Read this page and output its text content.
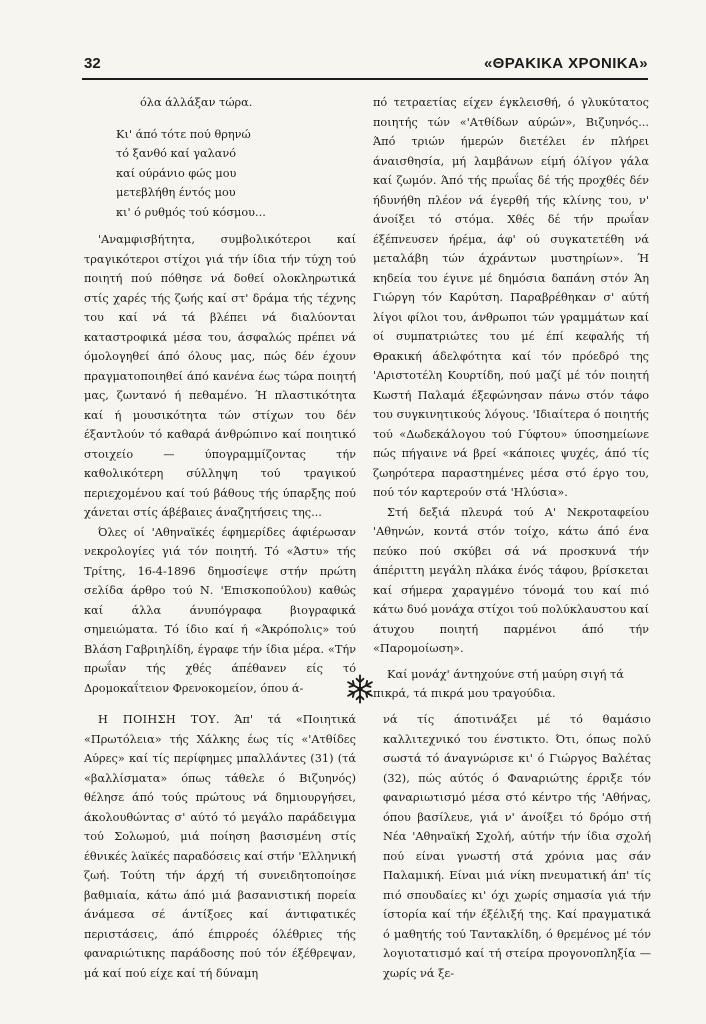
32	«ΘΡΑΚΙΚΑ ΧΡΟΝΙΚΑ»

όλα άλλάξαν τώρα.

Κι' άπό τότε πού θρηνώ
τό ξανθό καί γαλανό
καί ούράνιο φώς μου
μετεβλήθη έντός μου
κι' ό ρυθμός τού κόσμου...

'Αναμφισβήτητα, συμβολικότεροι καί τραγικότεροι στίχοι γιά τήν ίδια τήν τύχη τού ποιητή πού πόθησε νά δοθεί ολοκληρωτικά στίς χαρές τής ζωής καί στ' δράμα τής τέχνης του καί νά τά βλέπει νά διαλύονται καταστροφικά μέσα του, άσφαλώς πρέπει νά όμολογηθεί άπό όλους μας, πώς δέν έχουν πραγματοποιηθεί άπό κανένα έως τώρα ποιητή μας, ζωντανό ή πεθαμένο. Ή πλαστικότητα καί ή μουσικότητα τών στίχων του δέν έξαντλούν τό καθαρά άνθρώπινο καί ποιητικό στοιχείο — ύπογραμμίζοντας τήν καθολικότερη σύλληψη τού τραγικού περιεχομένου καί τού βάθους τής ύπαρξης πού χάνεται στίς άβέβαιες άναζητήσεις της...

Όλες οί 'Αθηναϊκές έφημερίδες άφιέρωσαν νεκρολογίες γιά τόν ποιητή. Τό «Άστυ» τής Τρίτης, 16-4-1896 δημοσίεψε στήν πρώτη σελίδα άρθρο τού Ν. 'Επισκοπούλου) καθώς καί άλλα άνυπόγραφα βιογραφικά σημειώματα. Τό ίδιο καί ή «Άκρόπολις» τού Βλάση Γαβριηλίδη, έγραφε τήν ίδια μέρα. «Τήν πρωΐαν τής χθές άπέθανεν είς τό Δρομοκαΐτειον Φρενοκομείον, όπου ά-

πό τετραετίας είχεν έγκλεισθή, ό γλυκύτατος ποιητής τών «'Ατθίδων αύρών», Βιζυηνός... Άπό τριών ήμερών διετέλει έν πλήρει άναισθησία, μή λαμβάνων είμή όλίγον γάλα καί ζωμόν. Άπό τής πρωΐας δέ τής προχθές δέν ήδυνήθη πλέον νά έγερθή τής κλίνης του, ν' άνοίξει τό στόμα. Χθές δέ τήν πρωΐαν έξέπνευσεν ήρέμα, άφ' ού συγκατετέθη νά μεταλάβη τών άχράντων μυστηρίων». Ή κηδεία του έγινε μέ δημόσια δαπάνη στόν Άη Γιώργη τόν Καρύτση. Παραβρέθηκαν σ' αύτή λίγοι φίλοι του, άνθρωποι τών γραμμάτων καί οί συμπατριώτες του μέ έπί κεφαλής τή Θρακική άδελφότητα καί τόν πρόεδρό της 'Αριστοτέλη Κουρτίδη, πού μαζί μέ τόν ποιητή Κωστή Παλαμά έξεφώνησαν πάνω στόν τάφο του συγκινητικούς λόγους. 'Ιδιαίτερα ό ποιητής τού «Δωδεκάλογου τού Γύφτου» ύποσημείωνε πώς πήγαινε νά βρεί «κάποιες ψυχές, άπό τίς ζωηρότερα παραστημένες μέσα στό έργο του, πού τόν καρτερούν στά 'Ηλύσια».

Στή δεξιά πλευρά τού Α' Νεκροταφείου 'Αθηνών, κοντά στόν τοίχο, κάτω άπό ένα πεύκο πού σκύβει σά νά προσκυνά τήν άπέριττη μεγάλη πλάκα ένός τάφου, βρίσκεται καί σήμερα χαραγμένο τόνομά του καί πιό κάτω δυό μονάχα στίχοι τού πολύκλαυστου καί άτυχου ποιητή παρμένοι άπό τήν «Παρομοίωση».

Καί μονάχ' άντηχούνε στή μαύρη σιγή τά πικρά, τά πικρά μου τραγούδια.

Η ΠΟΙΗΣΗ ΤΟΥ. Άπ' τά «Ποιητικά «Πρωτόλεια» τής Χάλκης έως τίς «'Ατθίδες Αύρες» καί τίς περίφημες μπαλλάντες (31) (τά «βαλλίσματα» όπως τάθελε ό Βιζυηνός) θέλησε άπό τούς πρώτους νά δημιουργήσει, άκολουθώντας σ' αύτό τό μεγάλο παράδειγμα τού Σολωμού, μιά ποίηση βασισμένη στίς έθνικές λαϊκές παραδόσεις καί στήν 'Ελληνική ζωή. Τούτη τήν άρχή τή συνειδητοποίησε βαθμιαία, κάτω άπό μιά βασανιστική πορεία άνάμεσα σέ άντίξοες καί άντιφατικές περιστάσεις, άπό έπιρροές όλέθριες τής φαναριώτικης παράδοσης πού τόν έξέθρεψαν, μά καί πού είχε καί τή δύναμη

νά τίς άποτινάξει μέ τό θαμάσιο καλλιτεχνικό του ένστικτο. Ότι, όπως πολύ σωστά τό άναγνώρισε κι' ό Γιώργος Βαλέτας (32), πώς αύτός ό Φαναριώτης έρριξε τόν φαναριωτισμό μέσα στό κέντρο τής 'Αθήνας, όπου βασίλευε, γιά ν' άνοίξει τό δρόμο στή Νέα 'Αθηναϊκή Σχολή, αύτήν τήν ίδια σχολή πού είναι γνωστή στά χρόνια μας σάν Παλαμική. Είναι μιά νίκη πνευματική άπ' τίς πιό σπουδαίες κι' όχι χωρίς σημασία γιά τήν ίστορία καί τήν έξέλιξή της. Καί πραγματικά ό μαθητής τού Ταντακλίδη, ό θρεμένος μέ τόν λογιοτατισμό καί τή στείρα προγονοπληξία — χωρίς νά ξε-
